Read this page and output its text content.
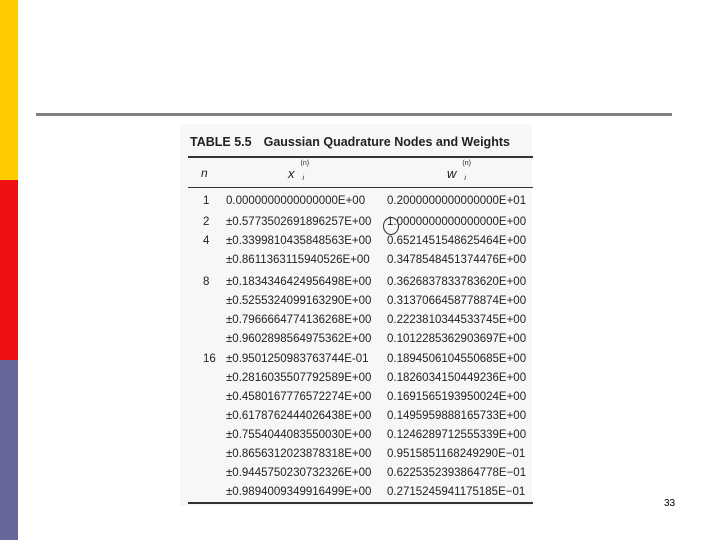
TABLE 5.5 Gaussian Quadrature Nodes and Weights
n	x
(n)
i	w
(n)
i
1 0.0000000000000000E+00 0.2000000000000000E+01
2 ±0.5773502691896257E+00 1.0000000000000000E+00
4 ±0.3399810435848563E+00 0.6521451548625464E+00
±0.8611363115940526E+00 0.3478548451374476E+00
8 ±0.1834346424956498E+00 0.3626837833783620E+00
±0.5255324099163290E+00 0.3137066458778874E+00
±0.7966664774136268E+00 0.2223810344533745E+00
±0.9602898564975362E+00 0.1012285362903697E+00
16 ±0.9501250983763744E-01 0.1894506104550685E+00
±0.2816035507792589E+00 0.1826034150449236E+00
±0.4580167776572274E+00 0.1691565193950024E+00
±0.6178762444026438E+00 0.1495959888165733E+00
±0.7554044083550030E+00 0.1246289712555339E+00
±0.8656312023878318E+00 0.9515851168249290E−01
±0.9445750230732326E+00 0.6225352393864778E−01
±0.9894009349916499E+00 0.2715245941175185E−01
33
